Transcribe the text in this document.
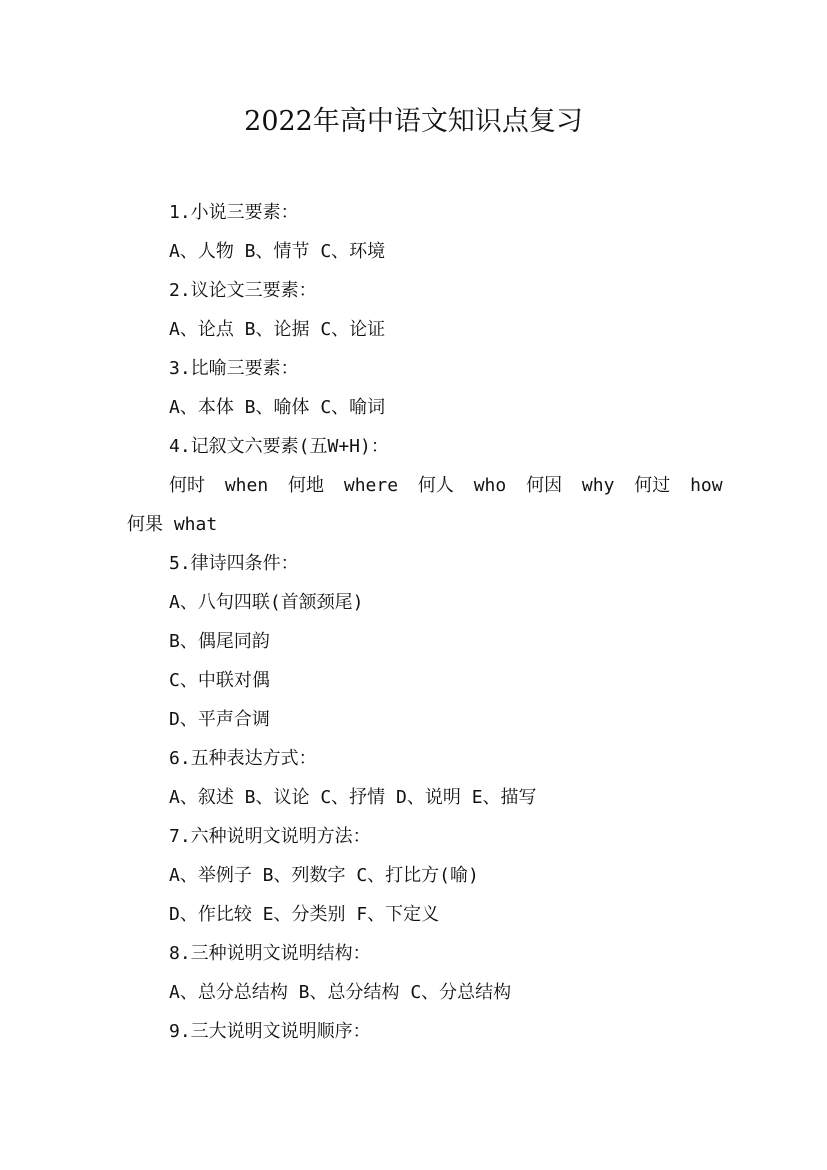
2022年高中语文知识点复习
1.小说三要素：
A、人物 B、情节 C、环境
2.议论文三要素：
A、论点 B、论据 C、论证
3.比喻三要素：
A、本体 B、喻体 C、喻词
4.记叙文六要素(五W+H)：
何时 when 何地 where 何人 who 何因 why 何过 how
何果 what
5.律诗四条件：
A、八句四联(首颔颈尾)
B、偶尾同韵
C、中联对偶
D、平声合调
6.五种表达方式：
A、叙述 B、议论 C、抒情 D、说明 E、描写
7.六种说明文说明方法：
A、举例子 B、列数字 C、打比方(喻)
D、作比较 E、分类别 F、下定义
8.三种说明文说明结构：
A、总分总结构 B、总分结构 C、分总结构
9.三大说明文说明顺序：
